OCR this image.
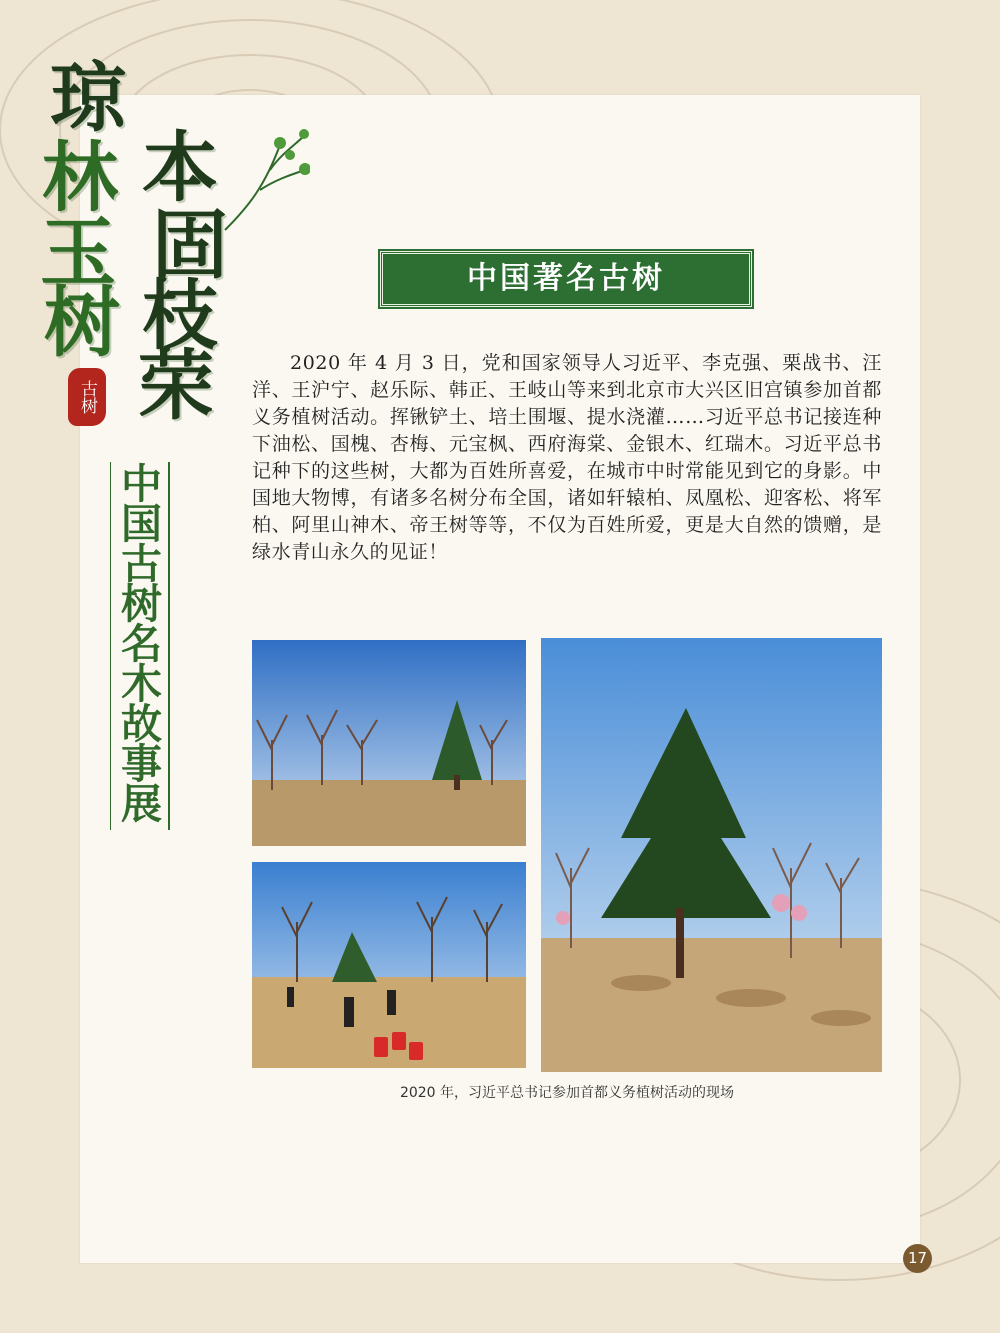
琼
林
玉
树
本
固
枝
荣
古树
中国古树名木故事展
中国著名古树

2020 年 4 月 3 日，党和国家领导人习近平、李克强、栗战书、汪洋、王沪宁、赵乐际、韩正、王岐山等来到北京市大兴区旧宫镇参加首都义务植树活动。挥锹铲土、培土围堰、提水浇灌……习近平总书记接连种下油松、国槐、杏梅、元宝枫、西府海棠、金银木、红瑞木。习近平总书记种下的这些树，大都为百姓所喜爱，在城市中时常能见到它的身影。中国地大物博，有诸多名树分布全国，诸如轩辕柏、凤凰松、迎客松、将军柏、阿里山神木、帝王树等等，不仅为百姓所爱，更是大自然的馈赠，是绿水青山永久的见证！

2020 年，习近平总书记参加首都义务植树活动的现场
17
